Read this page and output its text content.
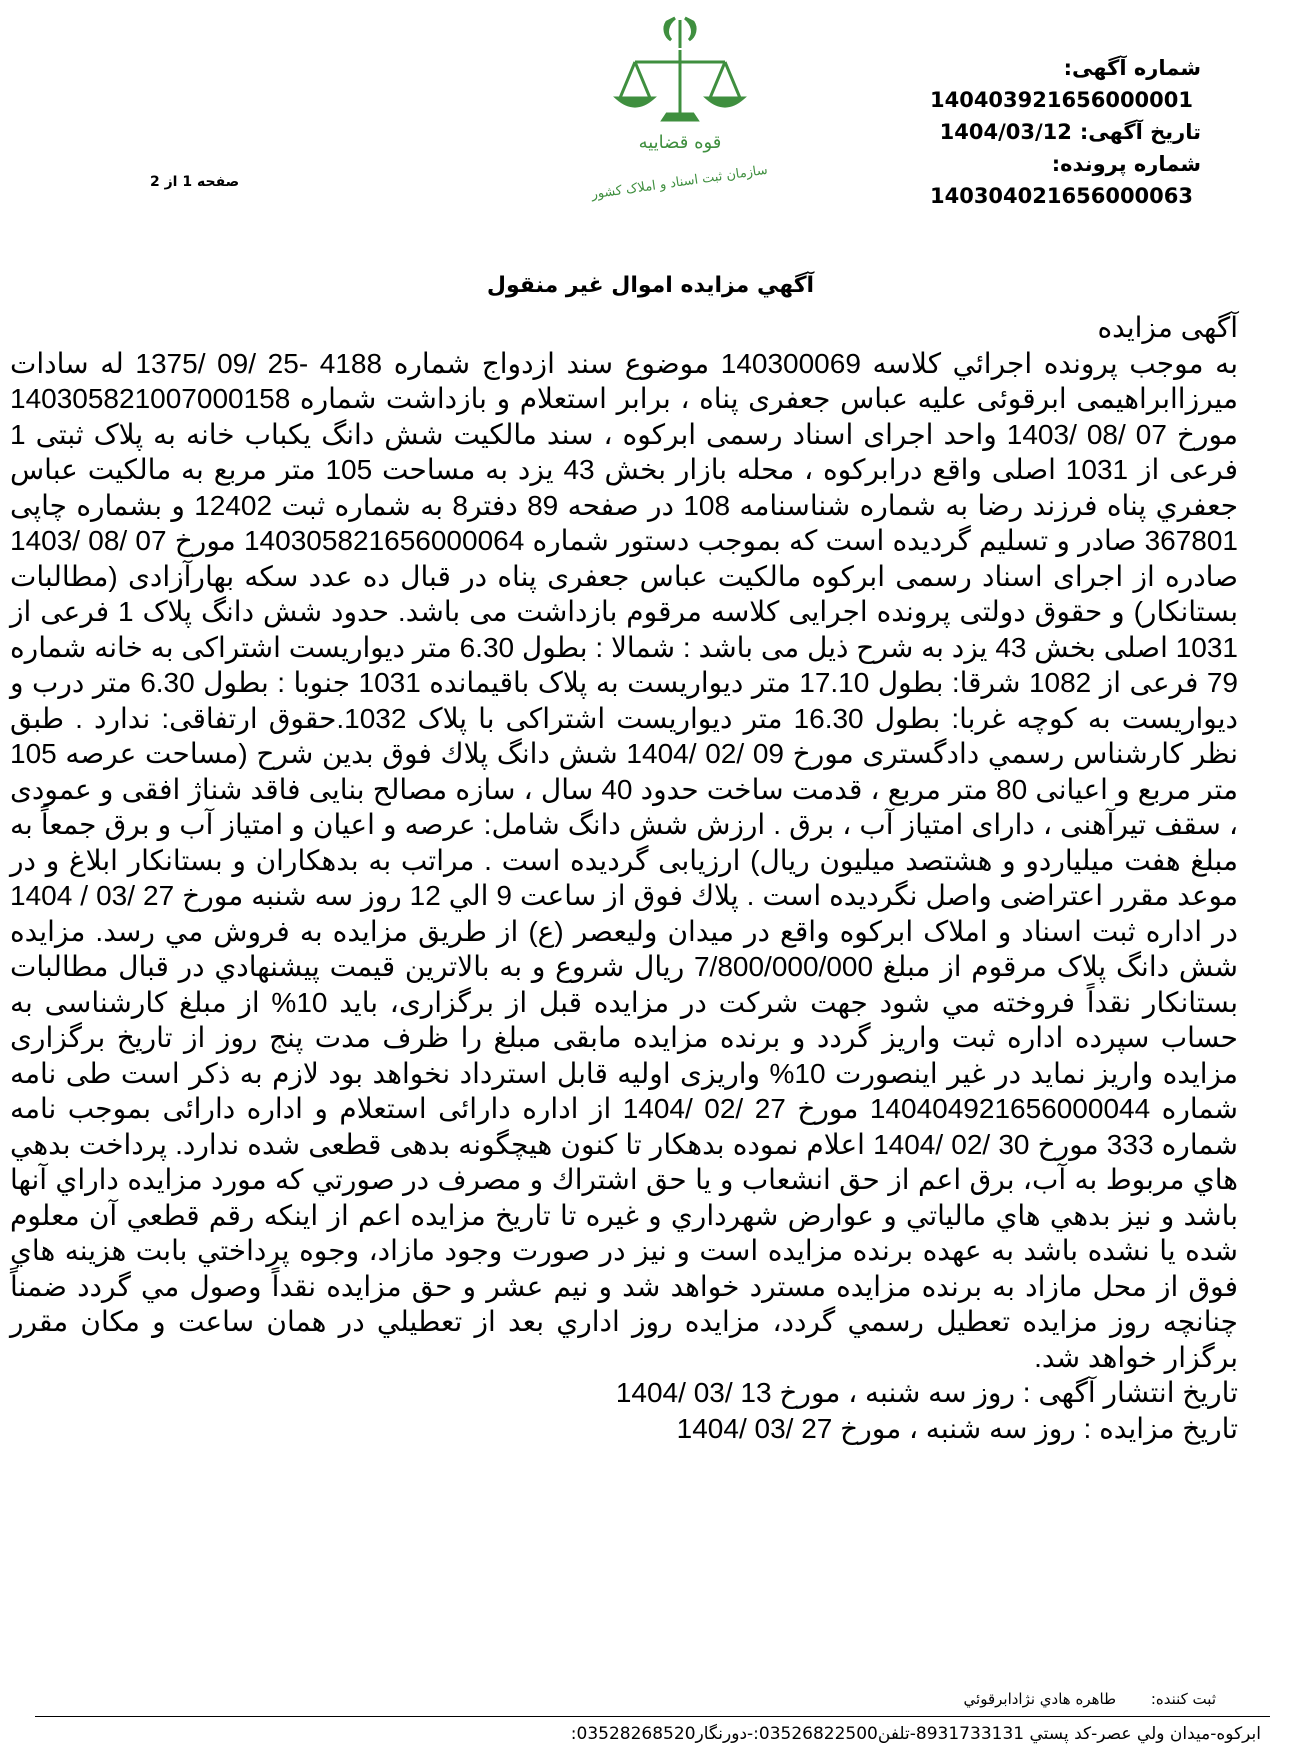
شماره آگهی:140403921656000001
تاریخ آگهی:1404/03/12
شماره پرونده:140304021656000063
صفحه 1 از 2
قوه قضاییه
سازمان ثبت اسناد و املاک کشور
آگهي مزايده اموال غير منقول

آگهی مزایده

به موجب پرونده اجرائي كلاسه 140300069 موضوع سند ازدواج شماره 4188 -25 /09 /1375 له سادات میرزاابراهیمی ابرقوئی علیه عباس جعفری پناه ، برابر استعلام و بازداشت شماره 140305821007000158 مورخ 07 /08 /1403 واحد اجرای اسناد رسمی ابرکوه ، سند مالکیت شش دانگ یکباب خانه به پلاک ثبتی 1 فرعی از 1031 اصلی واقع درابرکوه ، محله بازار بخش 43 یزد به مساحت 105 متر مربع به مالکیت عباس جعفري پناه فرزند رضا به شماره شناسنامه 108 در صفحه 89 دفتر8 به شماره ثبت 12402 و بشماره چاپی 367801 صادر و تسلیم گردیده است که بموجب دستور شماره 140305821656000064 مورخ 07 /08 /1403 صادره از اجرای اسناد رسمی ابرکوه مالکیت عباس جعفری پناه در قبال ده عدد سکه بهارآزادی (مطالبات بستانکار) و حقوق دولتی پرونده اجرایی کلاسه مرقوم بازداشت می باشد. حدود شش دانگ پلاک 1 فرعی از 1031 اصلی بخش 43 یزد به شرح ذیل می باشد : شمالا : بطول 6.30 متر دیواریست اشتراکی به خانه شماره 79 فرعی از 1082 شرقا: بطول 17.10 متر دیواریست به پلاک باقیمانده 1031 جنوبا : بطول 6.30 متر درب و دیواریست به کوچه غربا: بطول 16.30 متر دیواریست اشتراکی با پلاک 1032.حقوق ارتفاقی: ندارد . طبق نظر کارشناس رسمي دادگستری مورخ 09 /02 /1404 شش دانگ پلاك فوق بدين شرح (مساحت عرصه 105 متر مربع و اعیانی 80 متر مربع ، قدمت ساخت حدود 40 سال ، سازه مصالح بنایی فاقد شناژ افقی و عمودی ، سقف تیرآهنی ، دارای امتیاز آب ، برق . ارزش شش دانگ شامل: عرصه و اعیان و امتیاز آب و برق جمعاً به مبلغ هفت ميلياردو و هشتصد میلیون ریال) ارزیابی گردیده است . مراتب به بدهکاران و بستانکار ابلاغ و در موعد مقرر اعتراضی واصل نگردیده است . پلاك فوق از ساعت 9 الي 12 روز سه شنبه مورخ 27 /03 / 1404 در اداره ثبت اسناد و املاک ابرکوه واقع در میدان ولیعصر (ع) از طريق مزايده به فروش مي رسد. مزايده شش دانگ پلاک مرقوم از مبلغ 7/800/000/000 ريال شروع و به بالاترين قيمت پيشنهادي در قبال مطالبات بستانكار نقداً فروخته مي شود جهت شرکت در مزایده قبل از برگزاری، باید 10% از مبلغ کارشناسی به حساب سپرده اداره ثبت واریز گردد و برنده مزایده مابقی مبلغ را ظرف مدت پنج روز از تاریخ برگزاری مزایده واریز نماید در غیر اینصورت 10% واریزی اولیه قابل استرداد نخواهد بود لازم به ذکر است طی نامه شماره 140404921656000044 مورخ 27 /02 /1404 از اداره دارائی استعلام و اداره دارائی بموجب نامه شماره 333 مورخ 30 /02 /1404 اعلام نموده بدهکار تا کنون هیچگونه بدهی قطعی شده ندارد. پرداخت بدهي هاي مربوط به آب، برق اعم از حق انشعاب و يا حق اشتراك و مصرف در صورتي كه مورد مزايده داراي آنها باشد و نيز بدهي هاي مالياتي و عوارض شهرداري و غيره تا تاريخ مزايده اعم از اينكه رقم قطعي آن معلوم شده يا نشده باشد به عهده برنده مزايده است و نيز در صورت وجود مازاد، وجوه پرداختي بابت هزينه هاي فوق از محل مازاد به برنده مزايده مسترد خواهد شد و نيم عشر و حق مزايده نقداً وصول مي گردد ضمناً چنانچه روز مزايده تعطيل رسمي گردد، مزايده روز اداري بعد از تعطيلي در همان ساعت و مكان مقرر برگزار خواهد شد.

تاريخ انتشار آگهی : روز سه شنبه ، مورخ 13 /03 /1404

تاريخ مزايده : روز سه شنبه ، مورخ 27 /03 /1404

ثبت كننده: طاهره هادي نژادابرقوئي
ابركوه-ميدان ولي عصر-كد پستي 8931733131-تلفن03526822500:-دورنگار03528268520:
